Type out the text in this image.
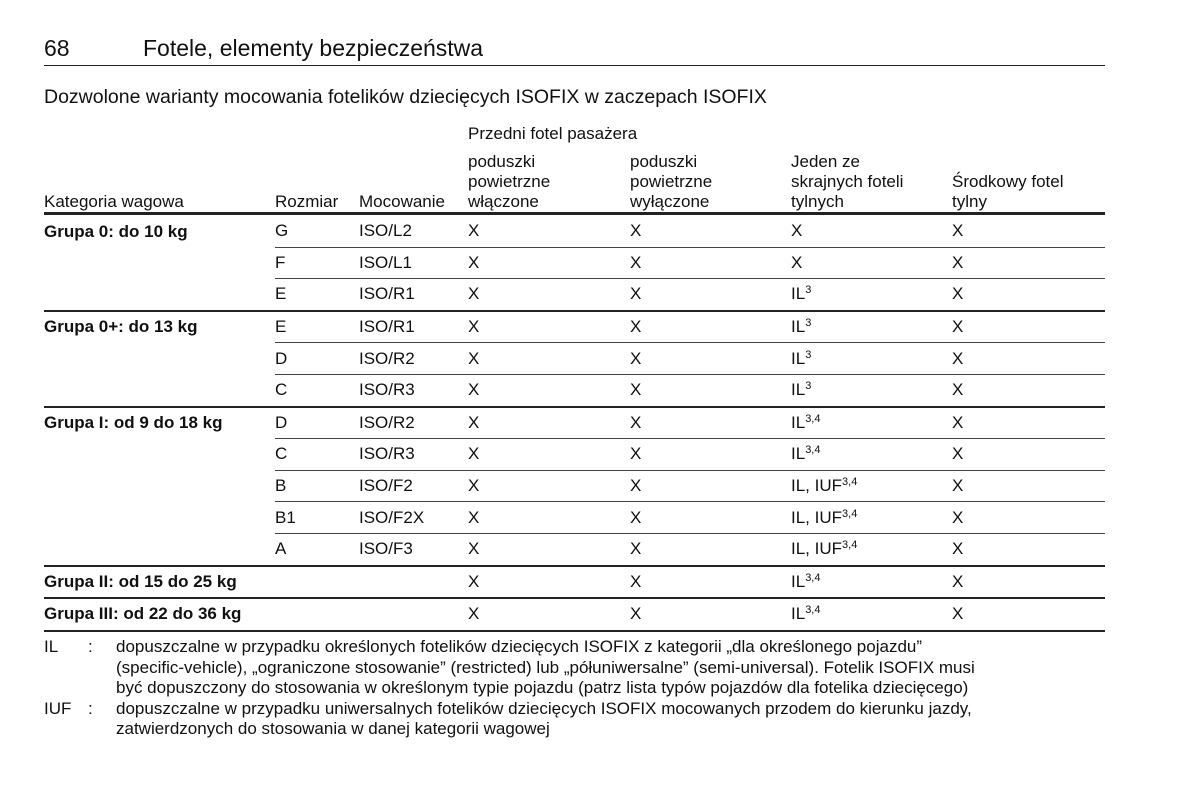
68	Fotele, elementy bezpieczeństwa
Dozwolone warianty mocowania fotelików dziecięcych ISOFIX w zaczepach ISOFIX
Przedni fotel pasażera
Kategoria wagowa	Rozmiar Mocowanie
poduszki
powietrzne
włączone
poduszki
powietrzne
wyłączone
Jeden ze
skrajnych foteli
tylnych
Środkowy fotel
tylny
Grupa 0: do 10 kg	G	ISO/L2	X	X	X	X
	F	ISO/L1	X	X	X	X
	E	ISO/R1	X	X	$IL^3$	X
Grupa 0+: do 13 kg	E	ISO/R1	X	X	$IL^3$	X
	D	ISO/R2	X	X	$IL^3$	X
	C	ISO/R3	X	X	$IL^3$	X
Grupa I: od 9 do 18 kg	D	ISO/R2	X	X	IL$^{3,4}$	X
	C	ISO/R3	X	X	IL$^{3,4}$	X
	B	ISO/F2	X	X	IL, IUF$^{3,4}$	X
	B1	ISO/F2X	X	X	IL, IUF$^{3,4}$	X
	A	ISO/F3	X	X	IL, IUF$^{3,4}$	X
Grupa II: od 15 do 25 kg			X	X	IL$^{3,4}$	X
Grupa III: od 22 do 36 kg			X	X	IL$^{3,4}$	X
IL : dopuszczalne w przypadku określonych fotelików dziecięcych ISOFIX z kategorii „dla określonego pojazdu”
(specific-vehicle), „ograniczone stosowanie” (restricted) lub „półuniwersalne” (semi-universal). Fotelik ISOFIX musi
być dopuszczony do stosowania w określonym typie pojazdu (patrz lista typów pojazdów dla fotelika dziecięcego)
IUF : dopuszczalne w przypadku uniwersalnych fotelików dziecięcych ISOFIX mocowanych przodem do kierunku jazdy,
zatwierdzonych do stosowania w danej kategorii wagowej
